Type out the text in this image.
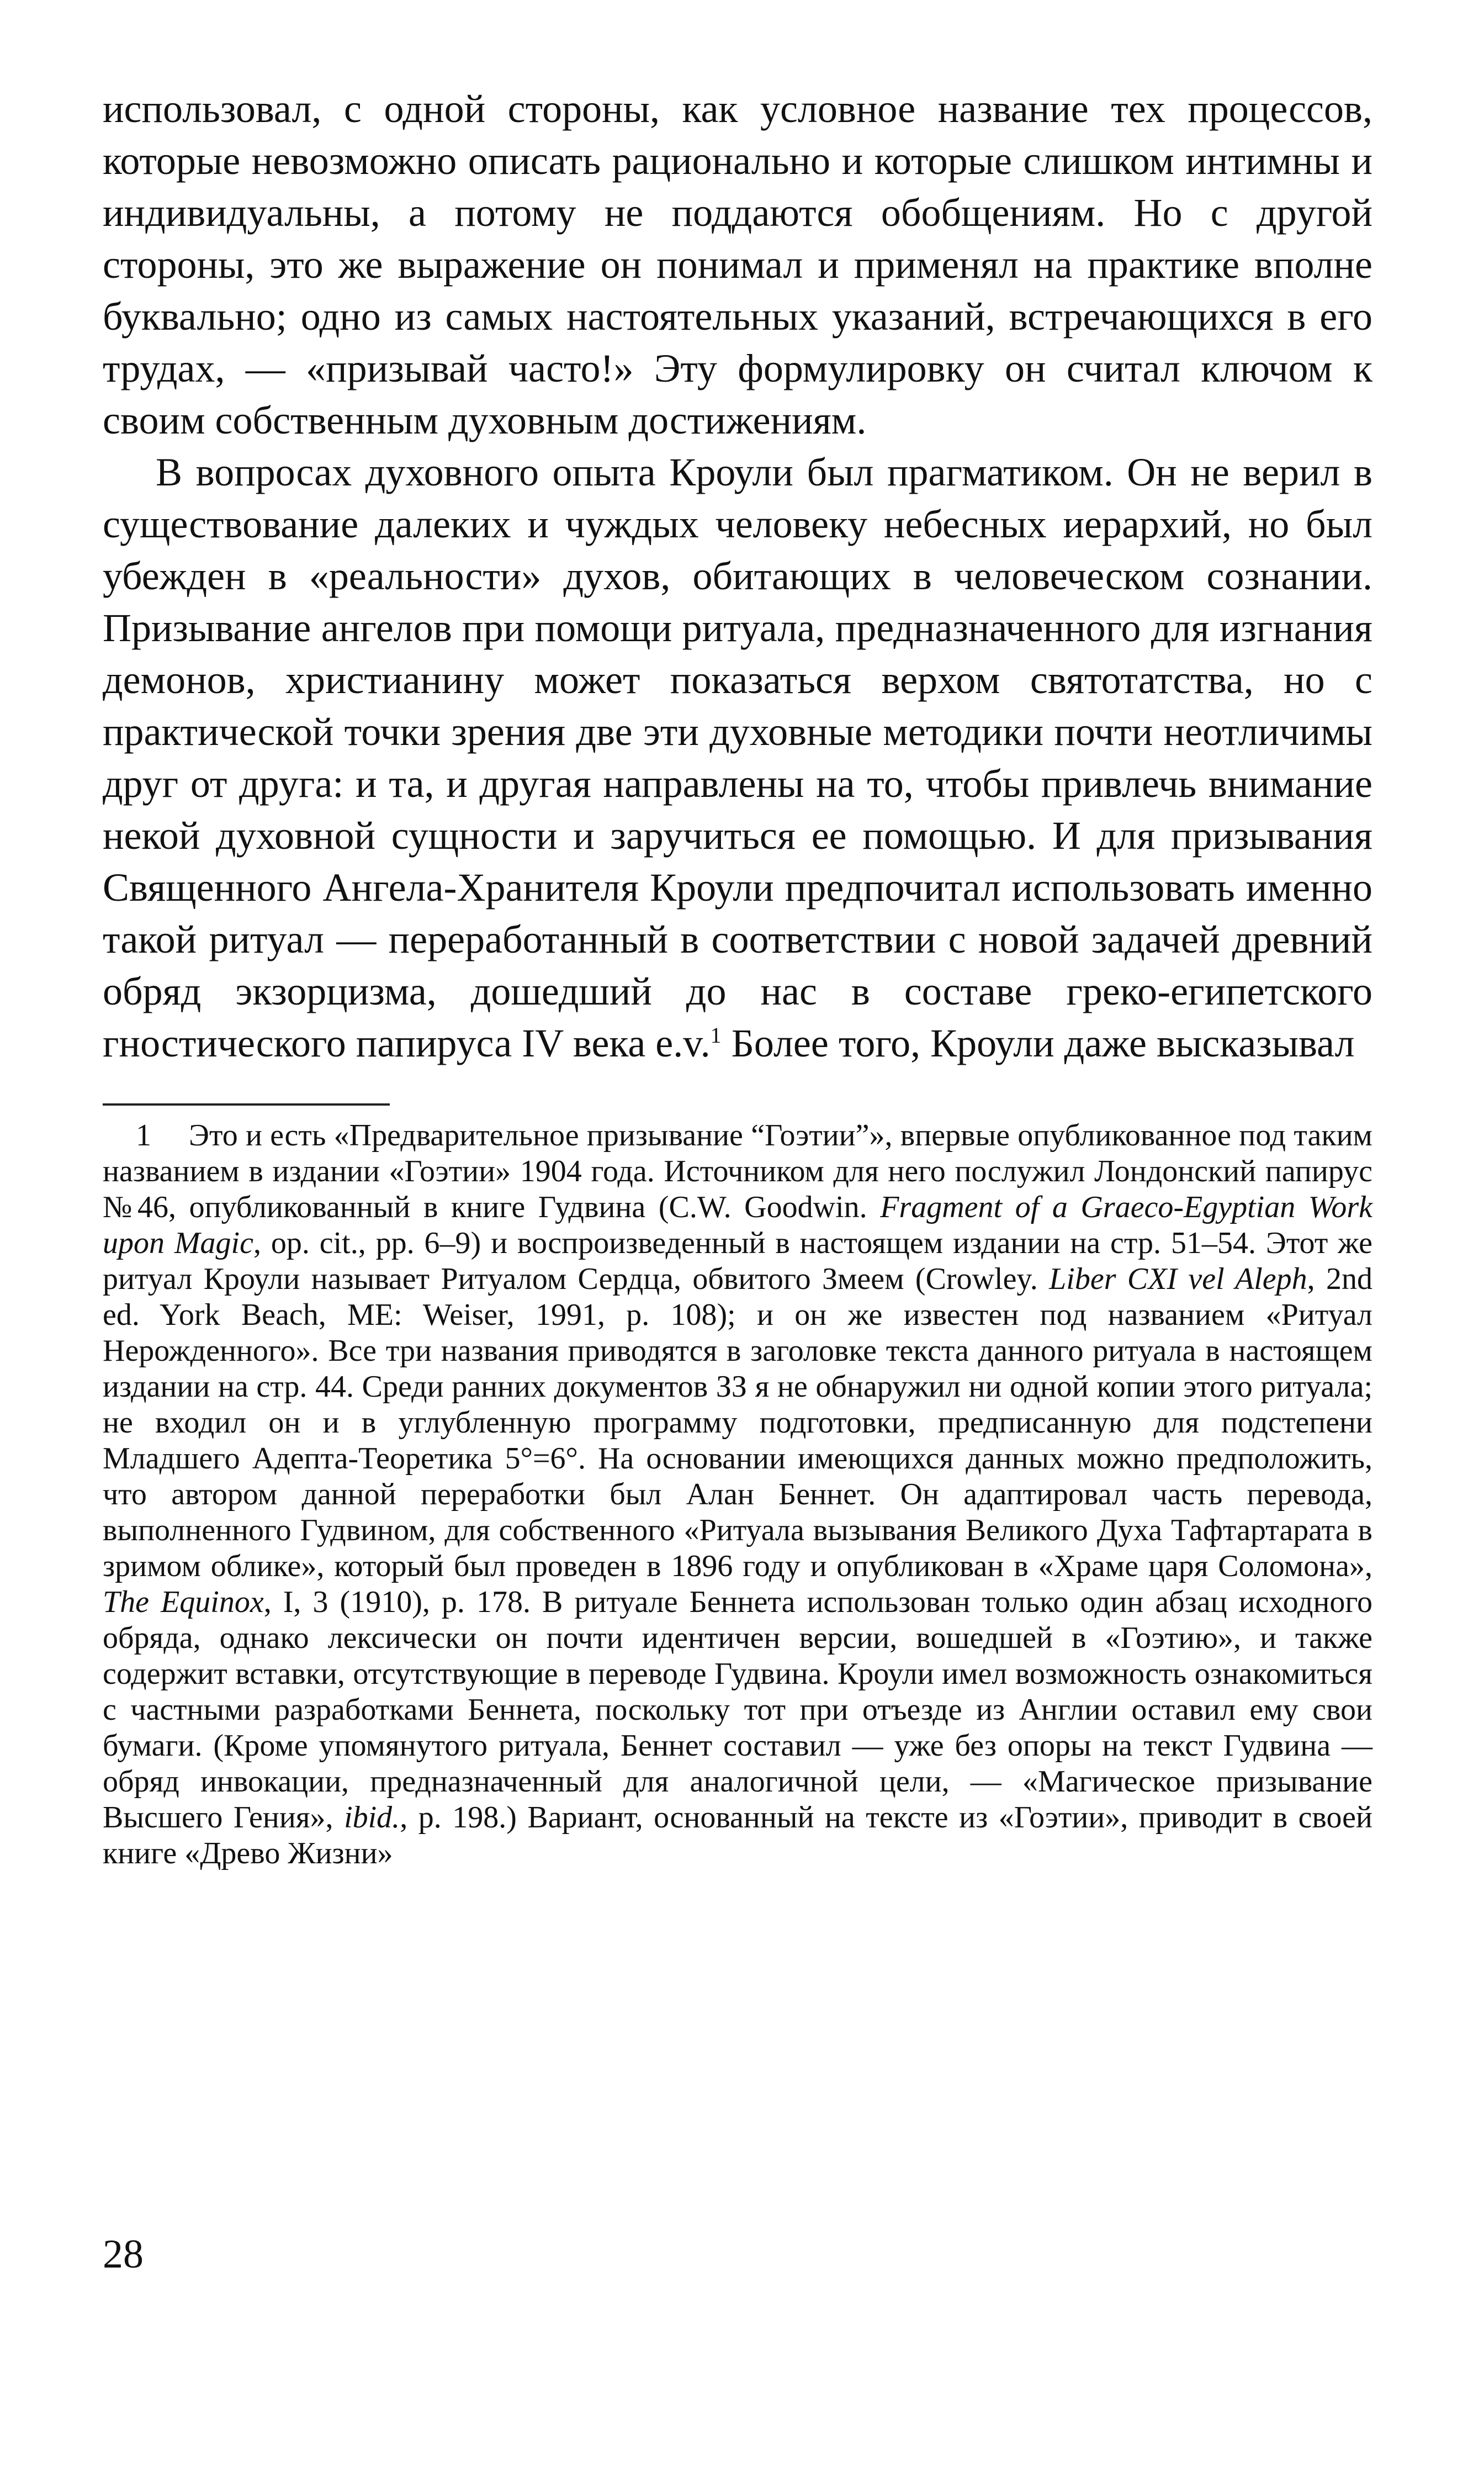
использовал, с одной стороны, как условное название тех процессов, которые невозможно описать рационально и которые слишком интимны и индивидуальны, а потому не поддаются обобщениям. Но с другой стороны, это же выражение он понимал и применял на практике вполне буквально; одно из самых настоятельных указаний, встречающихся в его трудах, — «призывай часто!» Эту формулировку он считал ключом к своим собственным духовным достижениям.

В вопросах духовного опыта Кроули был прагматиком. Он не верил в существование далеких и чуждых человеку небесных иерархий, но был убежден в «реальности» духов, обитающих в человеческом сознании. Призывание ангелов при помощи ритуала, предназначенного для изгнания демонов, христианину может показаться верхом святотатства, но с практической точки зрения две эти духовные методики почти неотличимы друг от друга: и та, и другая направлены на то, чтобы привлечь внимание некой духовной сущности и заручиться ее помощью. И для призывания Священного Ангела-Хранителя Кроули предпочитал использовать именно такой ритуал — переработанный в соответствии с новой задачей древний обряд экзорцизма, дошедший до нас в составе греко-египетского гностического папируса IV века е.v.$^1$ Более того, Кроули даже высказывал

1 Это и есть «Предварительное призывание “Гоэтии”», впервые опубликованное под таким названием в издании «Гоэтии» 1904 года. Источником для него послужил Лондонский папирус №46, опубликованный в книге Гудвина (C.W. Goodwin. Fragment of a Graeco-Egyptian Work upon Magic, op. cit., pp. 6–9) и воспроизведенный в настоящем издании на стр. 51–54. Этот же ритуал Кроули называет Ритуалом Сердца, обвитого Змеем (Crowley. Liber CXI vel Aleph, 2nd ed. York Beach, ME: Weiser, 1991, p. 108); и он же известен под названием «Ритуал Нерожденного». Все три названия приводятся в заголовке текста данного ритуала в настоящем издании на стр. 44. Среди ранних документов ЗЗ я не обнаружил ни одной копии этого ритуала; не входил он и в углубленную программу подготовки, предписанную для подстепени Младшего Адепта-Теоретика 5°=6°. На основании имеющихся данных можно предположить, что автором данной переработки был Алан Беннет. Он адаптировал часть перевода, выполненного Гудвином, для собственного «Ритуала вызывания Великого Духа Тафтартарата в зримом облике», который был проведен в 1896 году и опубликован в «Храме царя Соломона», The Equinox, I, 3 (1910), p. 178. В ритуале Беннета использован только один абзац исходного обряда, однако лексически он почти идентичен версии, вошедшей в «Гоэтию», и также содержит вставки, отсутствующие в переводе Гудвина. Кроули имел возможность ознакомиться с частными разработками Беннета, поскольку тот при отъезде из Англии оставил ему свои бумаги. (Кроме упомянутого ритуала, Беннет составил — уже без опоры на текст Гудвина — обряд инвокации, предназначенный для аналогичной цели, — «Магическое призывание Высшего Гения», ibid., p. 198.) Вариант, основанный на тексте из «Гоэтии», приводит в своей книге «Древо Жизни»

28
